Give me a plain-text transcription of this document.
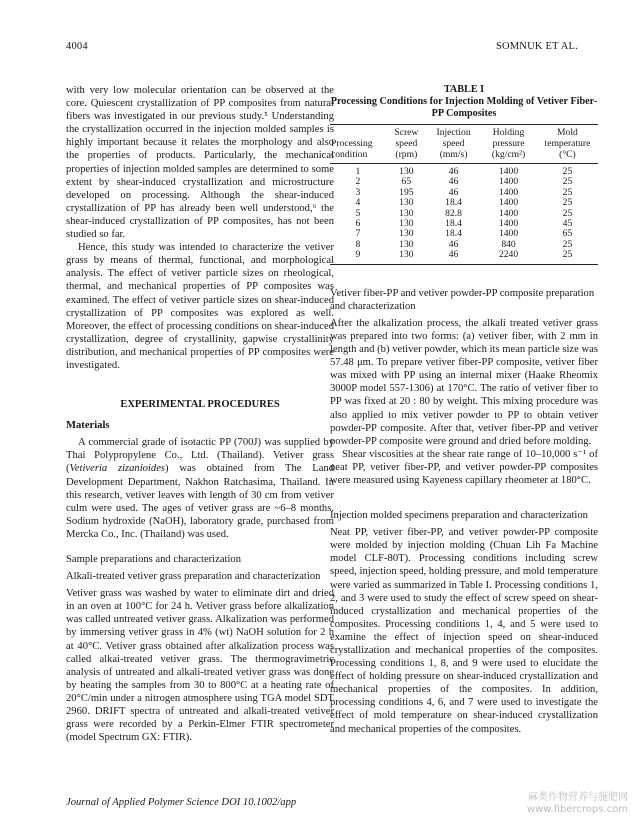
4004	SOMNUK ET AL.

with very low molecular orientation can be observed at the core. Quiescent crystallization of PP composites from natural fibers was investigated in our previous study.⁵ Understanding the crystallization occurred in the injection molded samples is highly important because it relates the morphology and also the properties of products. Particularly, the mechanical properties of injection molded samples are determined to some extent by shear-induced crystallization and microstructure developed on processing. Although the shear-induced crystallization of PP has already been well understood,⁶ the shear-induced crystallization of PP composites, has not been studied so far.

Hence, this study was intended to characterize the vetiver grass by means of thermal, functional, and morphological analysis. The effect of vetiver particle sizes on rheological, thermal, and mechanical properties of PP composites was examined. The effect of vetiver particle sizes on shear-induced crystallization of PP composites was explored as well. Moreover, the effect of processing conditions on shear-induced crystallization, degree of crystallinity, gapwise crystallinity distribution, and mechanical properties of PP composites were investigated.

EXPERIMENTAL PROCEDURES
Materials

A commercial grade of isotactic PP (700J) was supplied by Thai Polypropylene Co., Ltd. (Thailand). Vetiver grass (Vetiveria zizanioides) was obtained from The Land Development Department, Nakhon Ratchasima, Thailand. In this research, vetiver leaves with length of 30 cm from vetiver culm were used. The ages of vetiver grass are ~6–8 months. Sodium hydroxide (NaOH), laboratory grade, purchased from Mercka Co., Inc. (Thailand) was used.

Sample preparations and characterization
Alkali-treated vetiver grass preparation and characterization

Vetiver grass was washed by water to eliminate dirt and dried in an oven at 100°C for 24 h. Vetiver grass before alkalization was called untreated vetiver grass. Alkalization was performed by immersing vetiver grass in 4% (wt) NaOH solution for 2 h at 40°C. Vetiver grass obtained after alkalization process was called alkai-treated vetiver grass. The thermogravimetric analysis of untreated and alkali-treated vetiver grass was done by heating the samples from 30 to 800°C at a heating rate of 20°C/min under a nitrogen atmosphere using TGA model SDT 2960. DRIFT spectra of untreated and alkali-treated vetiver grass were recorded by a Perkin-Elmer FTIR spectrometer (model Spectrum GX: FTIR).

TABLE I
Processing Conditions for Injection Molding of Vetiver Fiber-PP Composites
Processing condition	Screw speed (rpm)	Injection speed (mm/s)	Holding pressure (kg/cm²)	Mold temperature (°C)
1	130	46	1400	25
2	65	46	1400	25
3	195	46	1400	25
4	130	18.4	1400	25
5	130	82.8	1400	25
6	130	18.4	1400	45
7	130	18.4	1400	65
8	130	46	840	25
9	130	46	2240	25
Vetiver fiber-PP and vetiver powder-PP composite preparation and characterization

After the alkalization process, the alkali treated vetiver grass was prepared into two forms: (a) vetiver fiber, with 2 mm in length and (b) vetiver powder, which its mean particle size was 57.48 μm. To prepare vetiver fiber-PP composite, vetiver fiber was mixed with PP using an internal mixer (Haake Rheomix 3000P model 557-1306) at 170°C. The ratio of vetiver fiber to PP was fixed at 20 : 80 by weight. This mixing procedure was also applied to mix vetiver powder to PP to obtain vetiver powder-PP composite. After that, vetiver fiber-PP and vetiver powder-PP composite were ground and dried before molding.

Shear viscosities at the shear rate range of 10–10,000 s⁻¹ of neat PP, vetiver fiber-PP, and vetiver powder-PP composites were measured using Kayeness capillary rheometer at 180°C.

Injection molded specimens preparation and characterization

Neat PP, vetiver fiber-PP, and vetiver powder-PP composite were molded by injection molding (Chuan Lih Fa Machine model CLF-80T). Processing conditions including screw speed, injection speed, holding pressure, and mold temperature were varied as summarized in Table I. Processing conditions 1, 2, and 3 were used to study the effect of screw speed on shear-induced crystallization and mechanical properties of the composites. Processing conditions 1, 4, and 5 were used to examine the effect of injection speed on shear-induced crystallization and mechanical properties of the composites. Processing conditions 1, 8, and 9 were used to elucidate the effect of holding pressure on shear-induced crystallization and mechanical properties of the composites. In addition, processing conditions 4, 6, and 7 were used to investigate the effect of mold temperature on shear-induced crystallization and mechanical properties of the composites.

Journal of Applied Polymer Science DOI 10.1002/app	麻类作物营养与施肥网
www.fibercrops.com
